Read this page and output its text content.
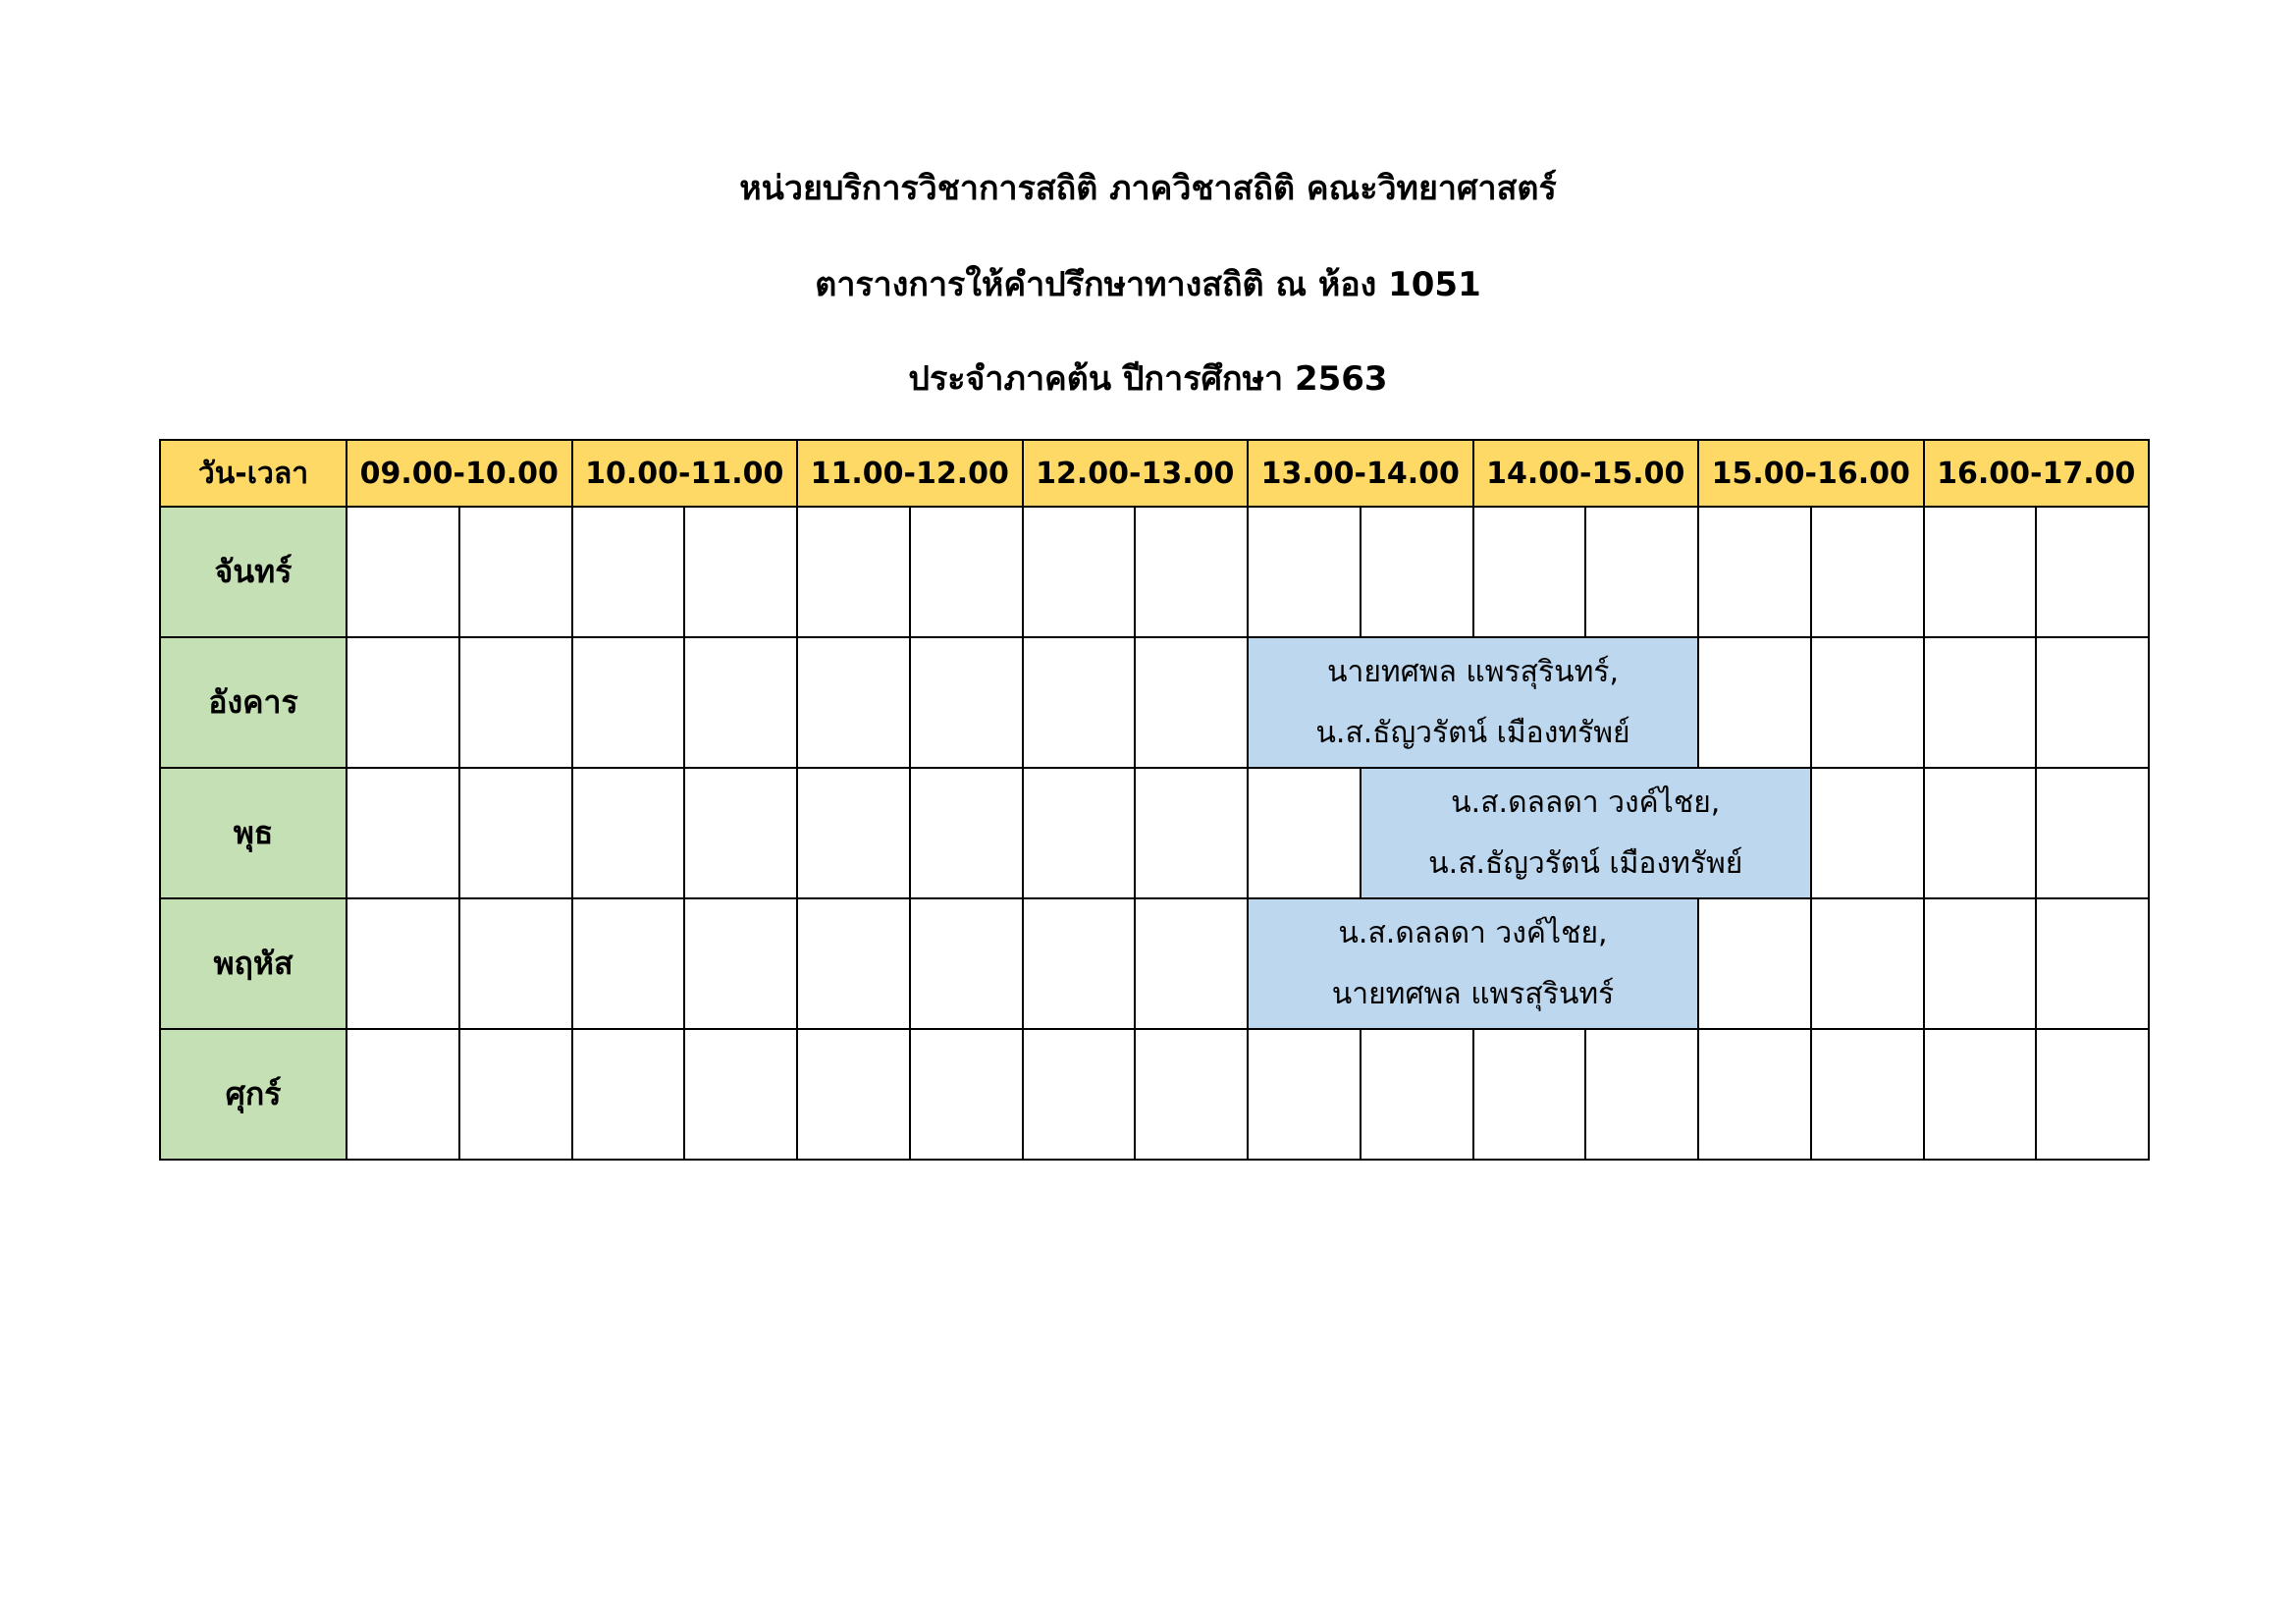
หน่วยบริการวิชาการสถิติ ภาควิชาสถิติ คณะวิทยาศาสตร์
ตารางการให้คำปรึกษาทางสถิติ ณ ห้อง 1051
ประจำภาคต้น ปีการศึกษา 2563
วัน-เวลา	09.00-10.00		10.00-11.00		11.00-12.00		12.00-13.00		13.00-14.00		14.00-15.00		15.00-16.00		16.00-17.00	
จันทร์																
อังคาร									นายทศพล แพรสุรินทร์,
น.ส.ธัญวรัตน์ เมืองทรัพย์							

พุธ										น.ส.ดลลดา วงค์ไชย,
น.ส.ธัญวรัตน์ เมืองทรัพย์						

พฤหัส									น.ส.ดลลดา วงค์ไชย,
นายทศพล แพรสุรินทร์							

ศุกร์																
